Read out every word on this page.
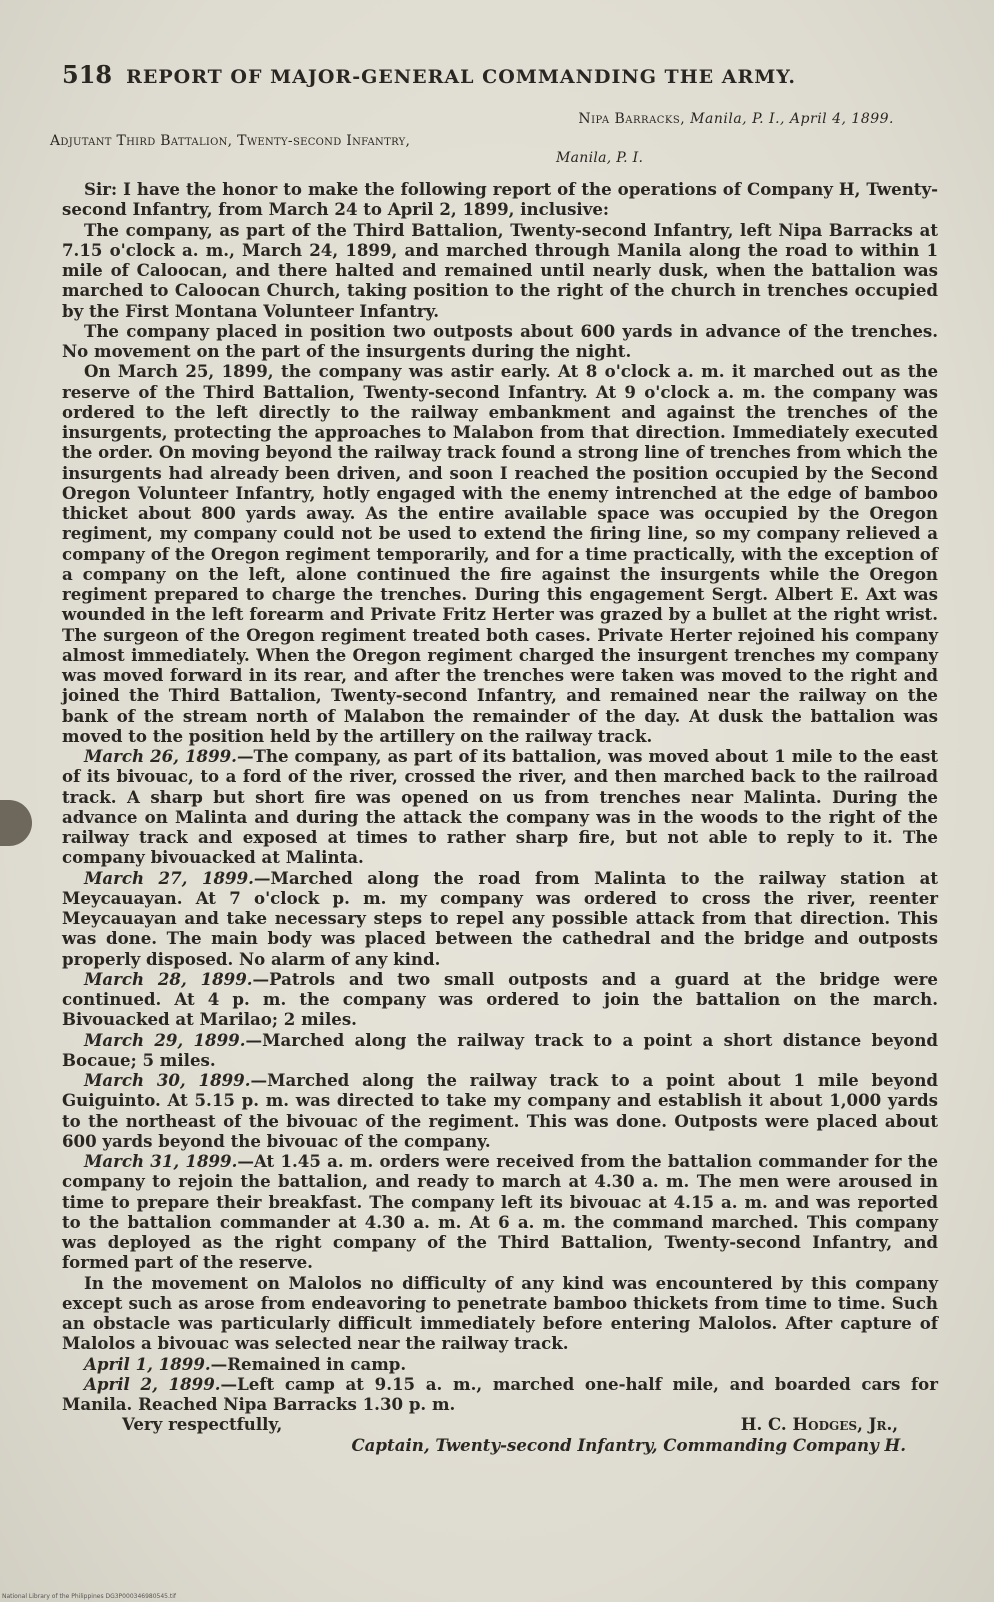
518 REPORT OF MAJOR-GENERAL COMMANDING THE ARMY.
Nipa Barracks, Manila, P. I., April 4, 1899.
Adjutant Third Battalion, Twenty-second Infantry,
Manila, P. I.

Sir: I have the honor to make the following report of the operations of Company H, Twenty-second Infantry, from March 24 to April 2, 1899, inclusive:

The company, as part of the Third Battalion, Twenty-second Infantry, left Nipa Barracks at 7.15 o'clock a. m., March 24, 1899, and marched through Manila along the road to within 1 mile of Caloocan, and there halted and remained until nearly dusk, when the battalion was marched to Caloocan Church, taking position to the right of the church in trenches occupied by the First Montana Volunteer Infantry.

The company placed in position two outposts about 600 yards in advance of the trenches. No movement on the part of the insurgents during the night.

On March 25, 1899, the company was astir early. At 8 o'clock a. m. it marched out as the reserve of the Third Battalion, Twenty-second Infantry. At 9 o'clock a. m. the company was ordered to the left directly to the railway embankment and against the trenches of the insurgents, protecting the approaches to Malabon from that direction. Immediately executed the order. On moving beyond the railway track found a strong line of trenches from which the insurgents had already been driven, and soon I reached the position occupied by the Second Oregon Volunteer Infantry, hotly engaged with the enemy intrenched at the edge of bamboo thicket about 800 yards away. As the entire available space was occupied by the Oregon regiment, my company could not be used to extend the firing line, so my company relieved a company of the Oregon regiment temporarily, and for a time practically, with the exception of a company on the left, alone continued the fire against the insurgents while the Oregon regiment prepared to charge the trenches. During this engagement Sergt. Albert E. Axt was wounded in the left forearm and Private Fritz Herter was grazed by a bullet at the right wrist. The surgeon of the Oregon regiment treated both cases. Private Herter rejoined his company almost immediately. When the Oregon regiment charged the insurgent trenches my company was moved forward in its rear, and after the trenches were taken was moved to the right and joined the Third Battalion, Twenty-second Infantry, and remained near the railway on the bank of the stream north of Malabon the remainder of the day. At dusk the battalion was moved to the position held by the artillery on the railway track.

March 26, 1899.—The company, as part of its battalion, was moved about 1 mile to the east of its bivouac, to a ford of the river, crossed the river, and then marched back to the railroad track. A sharp but short fire was opened on us from trenches near Malinta. During the advance on Malinta and during the attack the company was in the woods to the right of the railway track and exposed at times to rather sharp fire, but not able to reply to it. The company bivouacked at Malinta.

March 27, 1899.—Marched along the road from Malinta to the railway station at Meycauayan. At 7 o'clock p. m. my company was ordered to cross the river, reenter Meycauayan and take necessary steps to repel any possible attack from that direction. This was done. The main body was placed between the cathedral and the bridge and outposts properly disposed. No alarm of any kind.

March 28, 1899.—Patrols and two small outposts and a guard at the bridge were continued. At 4 p. m. the company was ordered to join the battalion on the march. Bivouacked at Marilao; 2 miles.

March 29, 1899.—Marched along the railway track to a point a short distance beyond Bocaue; 5 miles.

March 30, 1899.—Marched along the railway track to a point about 1 mile beyond Guiguinto. At 5.15 p. m. was directed to take my company and establish it about 1,000 yards to the northeast of the bivouac of the regiment. This was done. Outposts were placed about 600 yards beyond the bivouac of the company.

March 31, 1899.—At 1.45 a. m. orders were received from the battalion commander for the company to rejoin the battalion, and ready to march at 4.30 a. m. The men were aroused in time to prepare their breakfast. The company left its bivouac at 4.15 a. m. and was reported to the battalion commander at 4.30 a. m. At 6 a. m. the command marched. This company was deployed as the right company of the Third Battalion, Twenty-second Infantry, and formed part of the reserve.

In the movement on Malolos no difficulty of any kind was encountered by this company except such as arose from endeavoring to penetrate bamboo thickets from time to time. Such an obstacle was particularly difficult immediately before entering Malolos. After capture of Malolos a bivouac was selected near the railway track.

April 1, 1899.—Remained in camp.

April 2, 1899.—Left camp at 9.15 a. m., marched one-half mile, and boarded cars for Manila. Reached Nipa Barracks 1.30 p. m.

Very respectfully,	H. C. Hodges, Jr.,
Captain, Twenty-second Infantry, Commanding Company H.
National Library of the Philippines DG3P000346980545.tif
